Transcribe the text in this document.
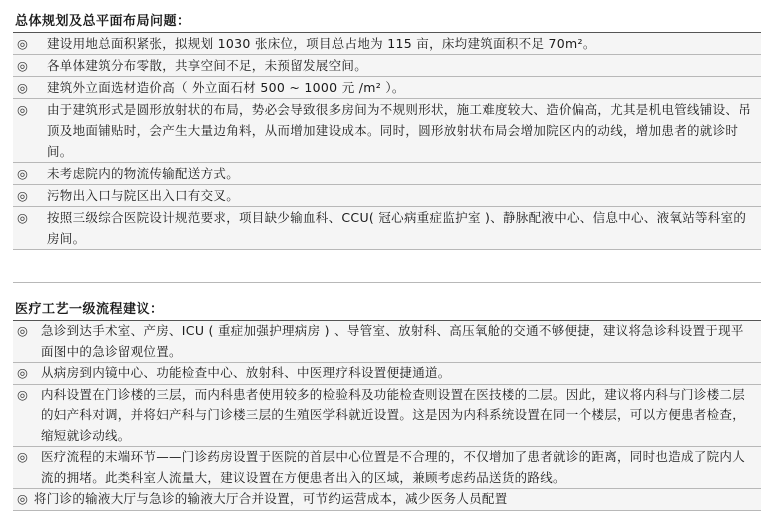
总体规划及总平面布局问题：
◎	建设用地总面积紧张，拟规划 1030 张床位，项目总占地为 115 亩，床均建筑面积不足 70m²。
◎	各单体建筑分布零散，共享空间不足，未预留发展空间。
◎	建筑外立面选材造价高（ 外立面石材 500 ~ 1000 元 /m² ）。
◎	由于建筑形式是圆形放射状的布局，势必会导致很多房间为不规则形状，施工难度较大、造价偏高，尤其是机电管线铺设、吊顶及地面铺贴时，会产生大量边角料，从而增加建设成本。同时，圆形放射状布局会增加院区内的动线，增加患者的就诊时间。
◎	未考虑院内的物流传输配送方式。
◎	污物出入口与院区出入口有交叉。
◎	按照三级综合医院设计规范要求，项目缺少输血科、CCU( 冠心病重症监护室 )、静脉配液中心、信息中心、液氧站等科室的房间。
医疗工艺一级流程建议：
◎	急诊到达手术室、产房、ICU ( 重症加强护理病房 ) 、导管室、放射科、高压氧舱的交通不够便捷，建议将急诊科设置于现平面图中的急诊留观位置。
◎	从病房到内镜中心、功能检查中心、放射科、中医理疗科设置便捷通道。
◎	内科设置在门诊楼的三层，而内科患者使用较多的检验科及功能检查则设置在医技楼的二层。因此，建议将内科与门诊楼二层的妇产科对调，并将妇产科与门诊楼三层的生殖医学科就近设置。这是因为内科系统设置在同一个楼层，可以方便患者检查，缩短就诊动线。
◎	医疗流程的末端环节——门诊药房设置于医院的首层中心位置是不合理的，不仅增加了患者就诊的距离，同时也造成了院内人流的拥堵。此类科室人流量大，建议设置在方便患者出入的区域，兼顾考虑药品送货的路线。
◎ 将门诊的输液大厅与急诊的输液大厅合并设置，可节约运营成本，减少医务人员配置
